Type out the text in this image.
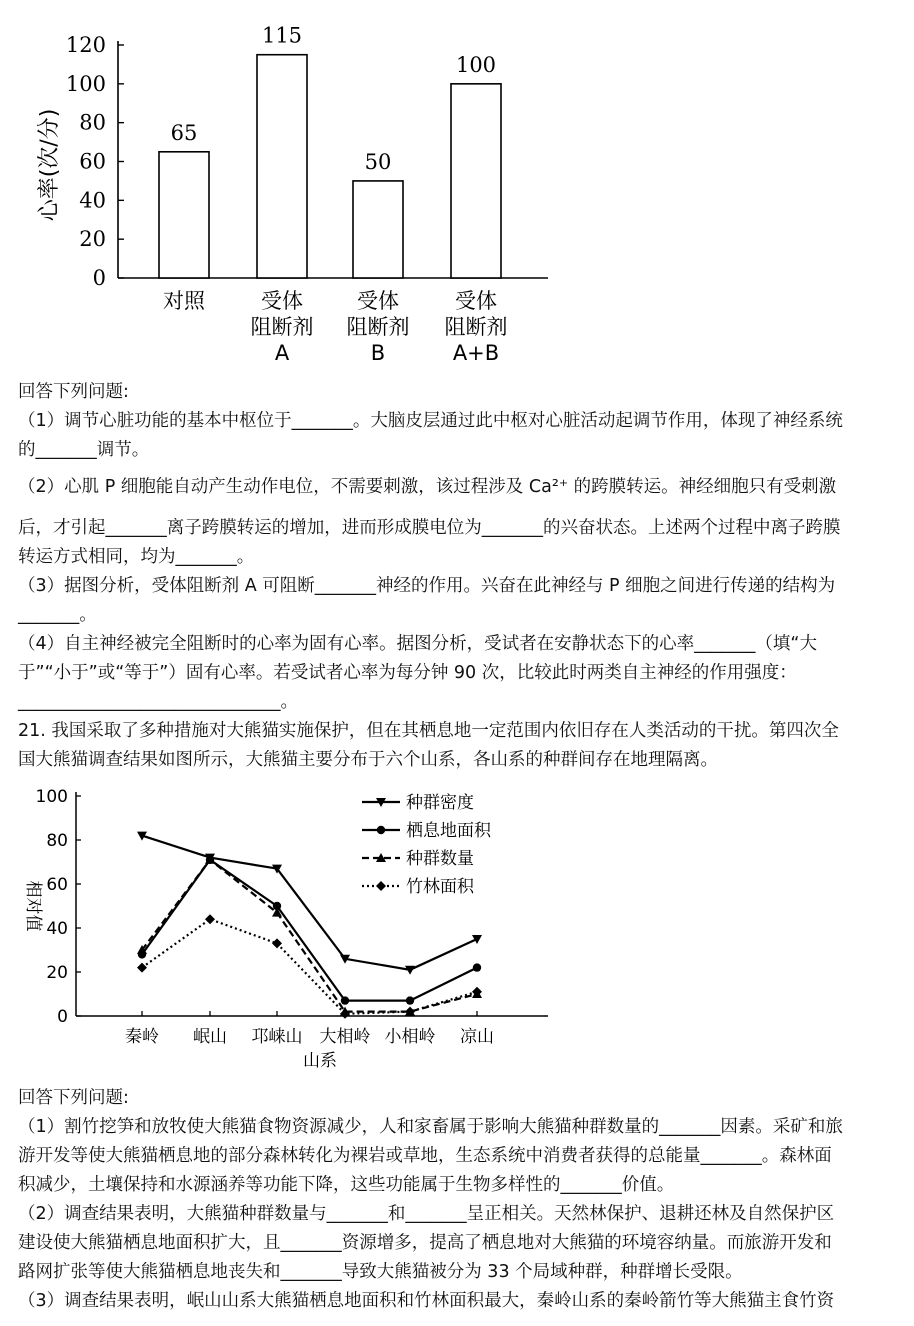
0
20
40
60
80
100
120
对照	受体
阻断剂
A
受体
阻断剂
B
受体
阻断剂
A+B
65
115
50
100
心率(次/分)
回答下列问题:
（1）调节心脏功能的基本中枢位于_______。大脑皮层通过此中枢对心脏活动起调节作用，体现了神经系统
的_______调节。
（2）心肌 P 细胞能自动产生动作电位，不需要刺激，该过程涉及 Ca²⁺ 的跨膜转运。神经细胞只有受刺激
后，才引起_______离子跨膜转运的增加，进而形成膜电位为_______的兴奋状态。上述两个过程中离子跨膜
转运方式相同，均为_______。
（3）据图分析，受体阻断剂 A 可阻断_______神经的作用。兴奋在此神经与 P 细胞之间进行传递的结构为
_______。
（4）自主神经被完全阻断时的心率为固有心率。据图分析，受试者在安静状态下的心率_______（填“大
于”“小于”或“等于”）固有心率。若受试者心率为每分钟 90 次，比较此时两类自主神经的作用强度：
______________________________。
21. 我国采取了多种措施对大熊猫实施保护，但在其栖息地一定范围内依旧存在人类活动的干扰。第四次全
国大熊猫调查结果如图所示，大熊猫主要分布于六个山系，各山系的种群间存在地理隔离。
0
20
40
60
80
100
相对值
秦岭 岷山 邛崃山 大相岭 小相岭 凉山
山系
种群密度
栖息地面积
种群数量
竹林面积
回答下列问题:
（1）割竹挖笋和放牧使大熊猫食物资源减少，人和家畜属于影响大熊猫种群数量的_______因素。采矿和旅
游开发等使大熊猫栖息地的部分森林转化为裸岩或草地，生态系统中消费者获得的总能量_______。森林面
积减少，土壤保持和水源涵养等功能下降，这些功能属于生物多样性的_______价值。
（2）调查结果表明，大熊猫种群数量与_______和_______呈正相关。天然林保护、退耕还林及自然保护区
建设使大熊猫栖息地面积扩大，且_______资源增多，提高了栖息地对大熊猫的环境容纳量。而旅游开发和
路网扩张等使大熊猫栖息地丧失和_______导致大熊猫被分为 33 个局域种群，种群增长受限。
（3）调查结果表明，岷山山系大熊猫栖息地面积和竹林面积最大，秦岭山系的秦岭箭竹等大熊猫主食竹资
